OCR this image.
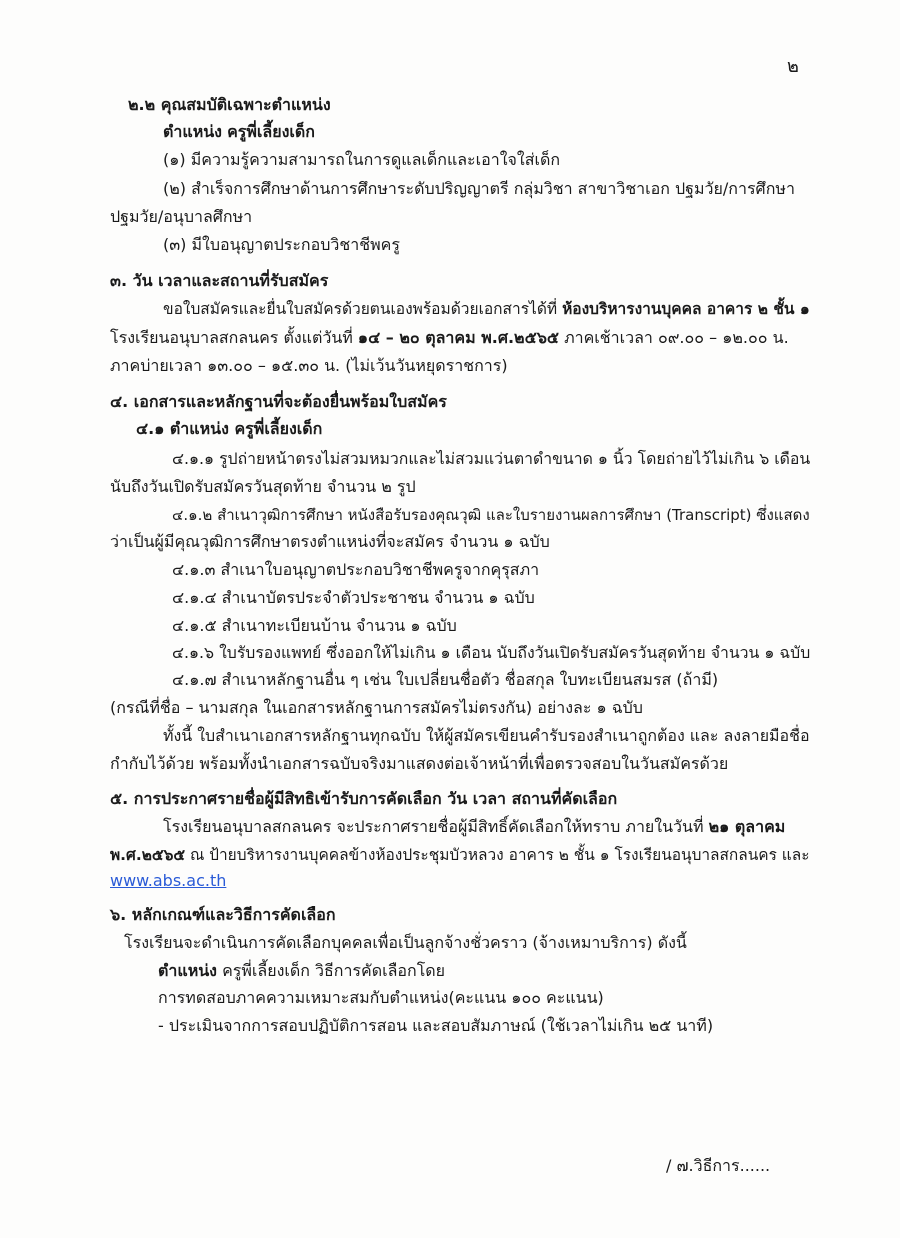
๒
๒.๒ คุณสมบัติเฉพาะตำแหน่ง
ตำแหน่ง ครูพี่เลี้ยงเด็ก
(๑) มีความรู้ความสามารถในการดูแลเด็กและเอาใจใส่เด็ก
(๒) สำเร็จการศึกษาด้านการศึกษาระดับปริญญาตรี กลุ่มวิชา สาขาวิชาเอก ปฐมวัย/การศึกษา
ปฐมวัย/อนุบาลศึกษา
(๓) มีใบอนุญาตประกอบวิชาชีพครู
๓. วัน เวลาและสถานที่รับสมัคร
ขอใบสมัครและยื่นใบสมัครด้วยตนเองพร้อมด้วยเอกสารได้ที่ ห้องบริหารงานบุคคล อาคาร ๒ ชั้น ๑
โรงเรียนอนุบาลสกลนคร ตั้งแต่วันที่ ๑๔ – ๒๐ ตุลาคม พ.ศ.๒๕๖๕ ภาคเช้าเวลา ๐๙.๐๐ – ๑๒.๐๐ น.
ภาคบ่ายเวลา ๑๓.๐๐ – ๑๕.๓๐ น. (ไม่เว้นวันหยุดราชการ)
๔. เอกสารและหลักฐานที่จะต้องยื่นพร้อมใบสมัคร
๔.๑ ตำแหน่ง ครูพี่เลี้ยงเด็ก
๔.๑.๑ รูปถ่ายหน้าตรงไม่สวมหมวกและไม่สวมแว่นตาดำขนาด ๑ นิ้ว โดยถ่ายไว้ไม่เกิน ๖ เดือน
นับถึงวันเปิดรับสมัครวันสุดท้าย จำนวน ๒ รูป
๔.๑.๒ สำเนาวุฒิการศึกษา หนังสือรับรองคุณวุฒิ และใบรายงานผลการศึกษา (Transcript) ซึ่งแสดง
ว่าเป็นผู้มีคุณวุฒิการศึกษาตรงตำแหน่งที่จะสมัคร จำนวน ๑ ฉบับ
๔.๑.๓ สำเนาใบอนุญาตประกอบวิชาชีพครูจากคุรุสภา
๔.๑.๔ สำเนาบัตรประจำตัวประชาชน จำนวน ๑ ฉบับ
๔.๑.๕ สำเนาทะเบียนบ้าน จำนวน ๑ ฉบับ
๔.๑.๖ ใบรับรองแพทย์ ซึ่งออกให้ไม่เกิน ๑ เดือน นับถึงวันเปิดรับสมัครวันสุดท้าย จำนวน ๑ ฉบับ
๔.๑.๗ สำเนาหลักฐานอื่น ๆ เช่น ใบเปลี่ยนชื่อตัว ชื่อสกุล ใบทะเบียนสมรส (ถ้ามี)
(กรณีที่ชื่อ – นามสกุล ในเอกสารหลักฐานการสมัครไม่ตรงกัน) อย่างละ ๑ ฉบับ
ทั้งนี้ ใบสำเนาเอกสารหลักฐานทุกฉบับ ให้ผู้สมัครเขียนคำรับรองสำเนาถูกต้อง และ ลงลายมือชื่อ
กำกับไว้ด้วย พร้อมทั้งนำเอกสารฉบับจริงมาแสดงต่อเจ้าหน้าที่เพื่อตรวจสอบในวันสมัครด้วย
๕. การประกาศรายชื่อผู้มีสิทธิเข้ารับการคัดเลือก วัน เวลา สถานที่คัดเลือก
โรงเรียนอนุบาลสกลนคร จะประกาศรายชื่อผู้มีสิทธิ์คัดเลือกให้ทราบ ภายในวันที่ ๒๑ ตุลาคม
พ.ศ.๒๕๖๕ ณ ป้ายบริหารงานบุคคลข้างห้องประชุมบัวหลวง อาคาร ๒ ชั้น ๑ โรงเรียนอนุบาลสกลนคร และ
www.abs.ac.th
๖. หลักเกณฑ์และวิธีการคัดเลือก
โรงเรียนจะดำเนินการคัดเลือกบุคคลเพื่อเป็นลูกจ้างชั่วคราว (จ้างเหมาบริการ) ดังนี้
ตำแหน่ง ครูพี่เลี้ยงเด็ก วิธีการคัดเลือกโดย
การทดสอบภาคความเหมาะสมกับตำแหน่ง(คะแนน ๑๐๐ คะแนน)
- ประเมินจากการสอบปฏิบัติการสอน และสอบสัมภาษณ์ (ใช้เวลาไม่เกิน ๒๕ นาที)
/ ๗.วิธีการ......
